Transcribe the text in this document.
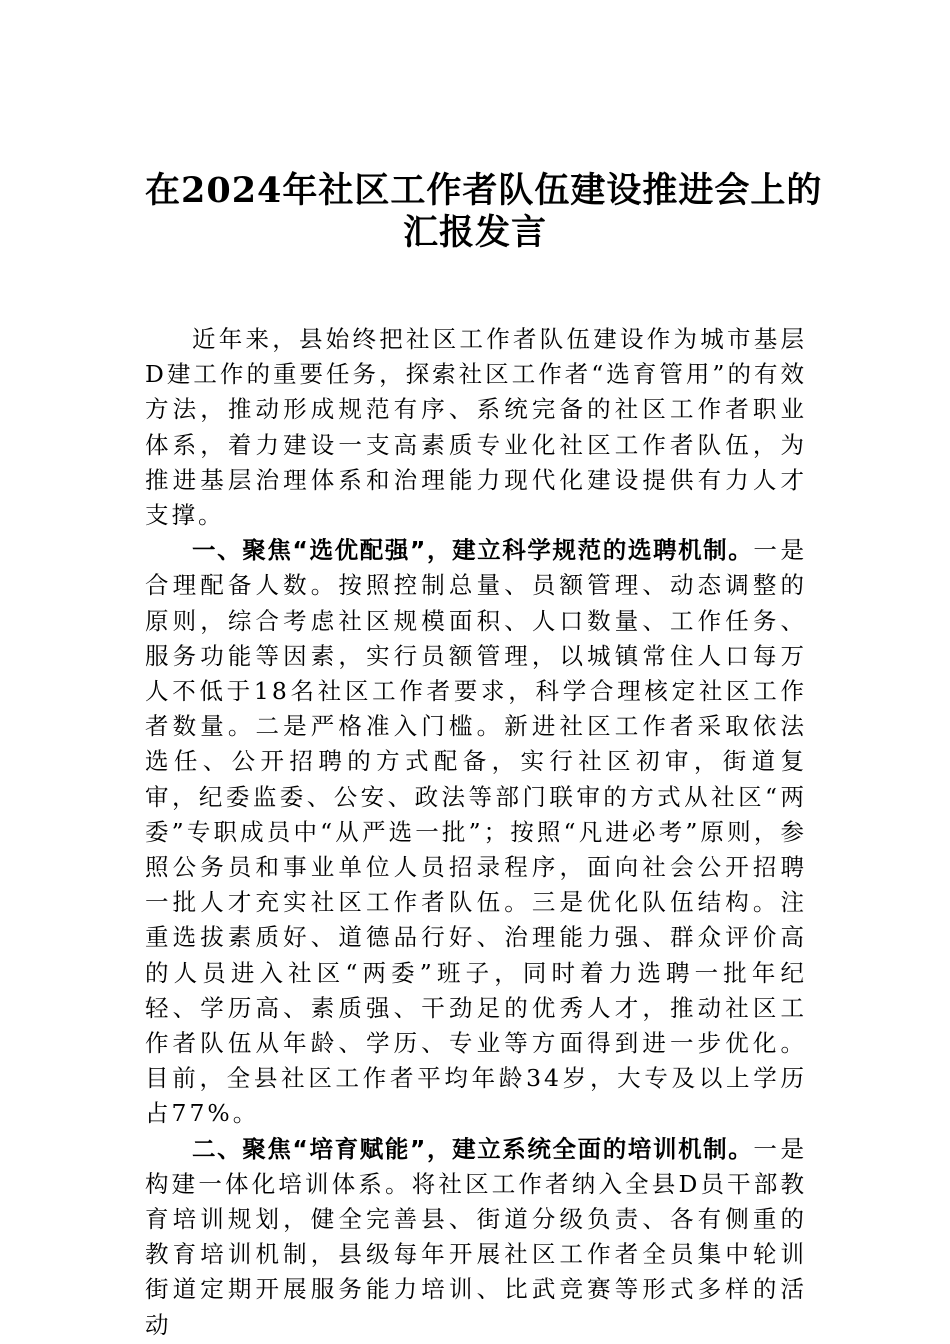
在2024年社区工作者队伍建设推进会上的
汇报发言

近年来，县始终把社区工作者队伍建设作为城市基层D建工作的重要任务，探索社区工作者“选育管用”的有效方法，推动形成规范有序、系统完备的社区工作者职业体系，着力建设一支高素质专业化社区工作者队伍，为推进基层治理体系和治理能力现代化建设提供有力人才支撑。

一、聚焦“选优配强”，建立科学规范的选聘机制。一是合理配备人数。按照控制总量、员额管理、动态调整的原则，综合考虑社区规模面积、人口数量、工作任务、服务功能等因素，实行员额管理，以城镇常住人口每万人不低于18名社区工作者要求，科学合理核定社区工作者数量。二是严格准入门槛。新进社区工作者采取依法选任、公开招聘的方式配备，实行社区初审，街道复审，纪委监委、公安、政法等部门联审的方式从社区“两委”专职成员中“从严选一批”；按照“凡进必考”原则，参照公务员和事业单位人员招录程序，面向社会公开招聘一批人才充实社区工作者队伍。三是优化队伍结构。注重选拔素质好、道德品行好、治理能力强、群众评价高的人员进入社区“两委”班子，同时着力选聘一批年纪轻、学历高、素质强、干劲足的优秀人才，推动社区工作者队伍从年龄、学历、专业等方面得到进一步优化。目前，全县社区工作者平均年龄34岁，大专及以上学历占77%。

二、聚焦“培育赋能”，建立系统全面的培训机制。一是构建一体化培训体系。将社区工作者纳入全县D员干部教育培训规划，健全完善县、街道分级负责、各有侧重的教育培训机制，县级每年开展社区工作者全员集中轮训街道定期开展服务能力培训、比武竞赛等形式多样的活动
